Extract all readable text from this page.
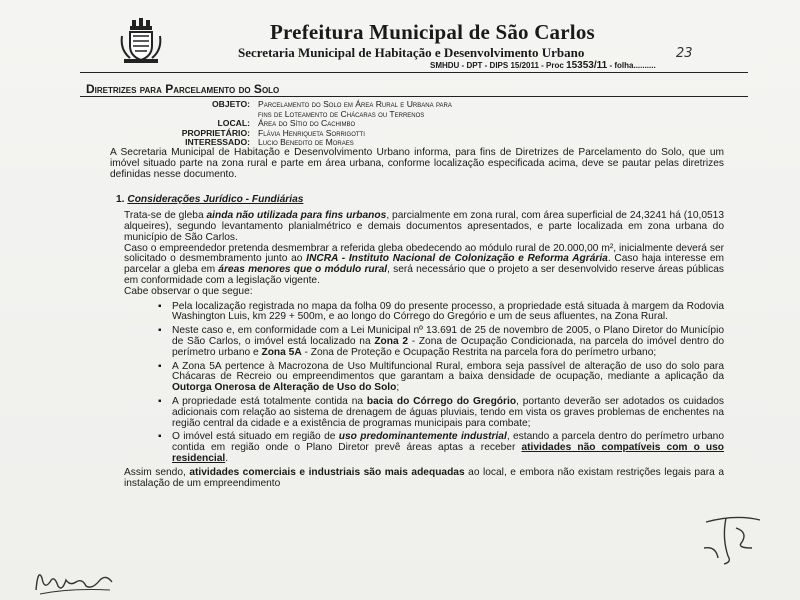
Prefeitura Municipal de São Carlos
Secretaria Municipal de Habitação e Desenvolvimento Urbano
SMHDU - DPT - DIPS 15/2011 - Proc 15353/11 - folha..........
23
Diretrizes para Parcelamento do Solo
OBJETO: Parcelamento do Solo em Área Rural e Urbana para
fins de Loteamento de Chácaras ou Terrenos
LOCAL: Área do Sítio do Cachimbo
PROPRIETÁRIO: Flávia Henriqueta Sorrigotti
INTERESSADO: Lucio Benedito de Moraes

A Secretaria Municipal de Habitação e Desenvolvimento Urbano informa, para fins de Diretrizes de Parcelamento do Solo, que um imóvel situado parte na zona rural e parte em área urbana, conforme localização especificada acima, deve se pautar pelas diretrizes definidas nesse documento.

1. Considerações Jurídico - Fundiárias

Trata-se de gleba ainda não utilizada para fins urbanos, parcialmente em zona rural, com área superficial de 24,3241 há (10,0513 alqueires), segundo levantamento planialmétrico e demais documentos apresentados, e parte localizada em zona urbana do município de São Carlos.

Caso o empreendedor pretenda desmembrar a referida gleba obedecendo ao módulo rural de 20.000,00 m², inicialmente deverá ser solicitado o desmembramento junto ao INCRA - Instituto Nacional de Colonização e Reforma Agrária. Caso haja interesse em parcelar a gleba em áreas menores que o módulo rural, será necessário que o projeto a ser desenvolvido reserve áreas públicas em conformidade com a legislação vigente.

Cabe observar o que segue:

▪ Pela localização registrada no mapa da folha 09 do presente processo, a propriedade está situada à margem da Rodovia Washington Luis, km 229 + 500m, e ao longo do Córrego do Gregório e um de seus afluentes, na Zona Rural.
▪ Neste caso e, em conformidade com a Lei Municipal nº 13.691 de 25 de novembro de 2005, o Plano Diretor do Município de São Carlos, o imóvel está localizado na Zona 2 - Zona de Ocupação Condicionada, na parcela do imóvel dentro do perímetro urbano e Zona 5A - Zona de Proteção e Ocupação Restrita na parcela fora do perímetro urbano;
▪ A Zona 5A pertence à Macrozona de Uso Multifuncional Rural, embora seja passível de alteração de uso do solo para Chácaras de Recreio ou empreendimentos que garantam a baixa densidade de ocupação, mediante a aplicação da Outorga Onerosa de Alteração de Uso do Solo;
▪ A propriedade está totalmente contida na bacia do Córrego do Gregório, portanto deverão ser adotados os cuidados adicionais com relação ao sistema de drenagem de águas pluviais, tendo em vista os graves problemas de enchentes na região central da cidade e a existência de programas municipais para combate;
▪ O imóvel está situado em região de uso predominantemente industrial, estando a parcela dentro do perímetro urbano contida em região onde o Plano Diretor prevê áreas aptas a receber atividades não compatíveis com o uso residencial.

Assim sendo, atividades comerciais e industriais são mais adequadas ao local, e embora não existam restrições legais para a instalação de um empreendimento
